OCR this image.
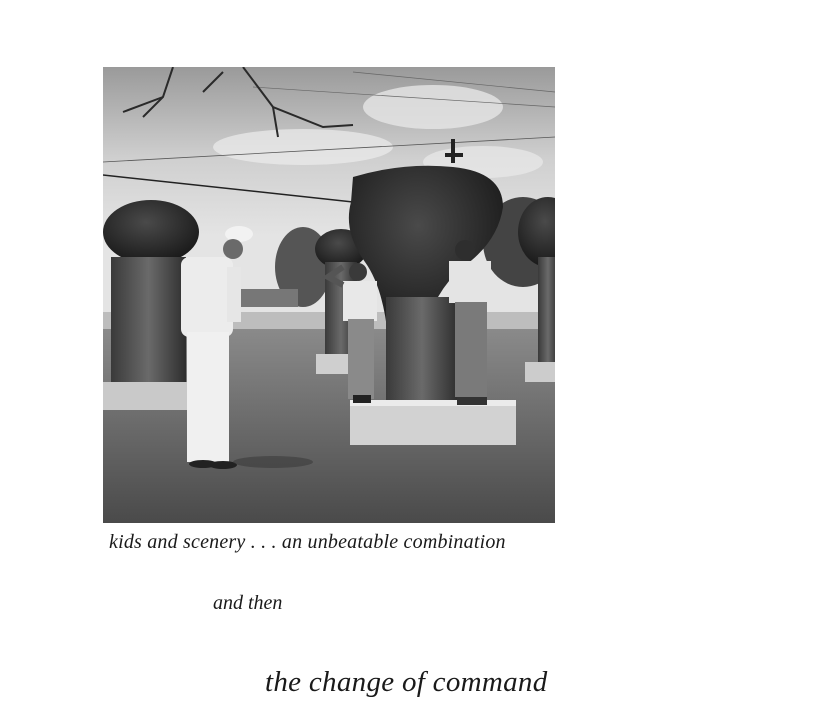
kids and scenery . . . an unbeatable combination
and then
the change of command
